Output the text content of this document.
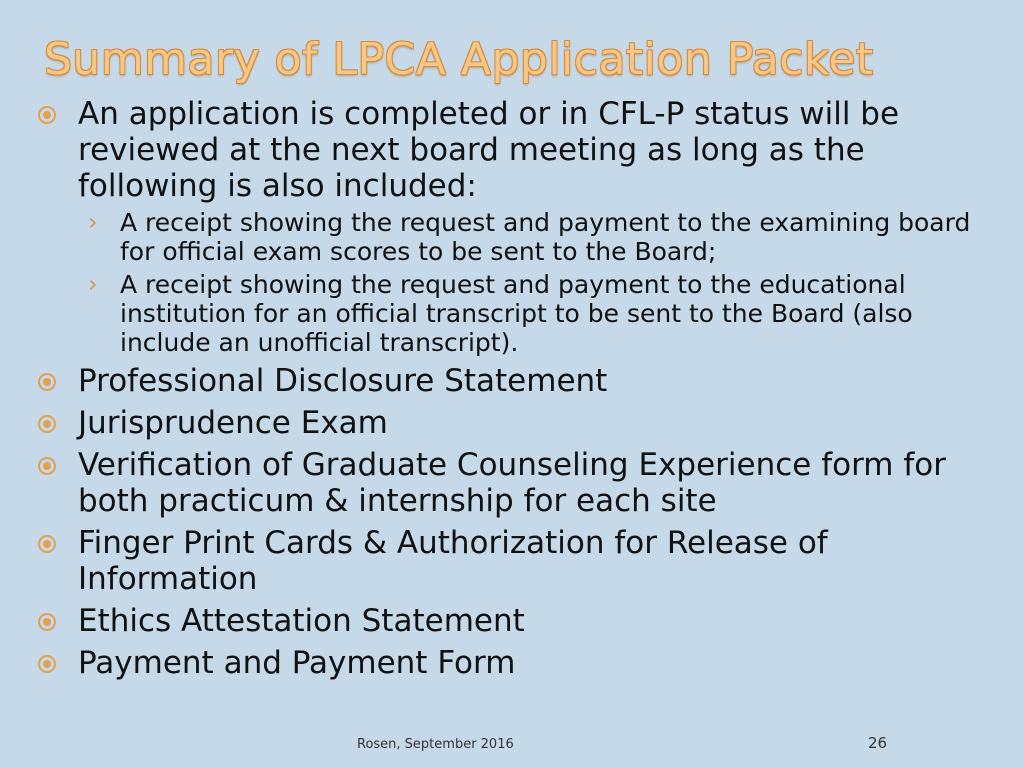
Summary of LPCA Application Packet
An application is completed or in CFL-P status will be reviewed at the next board meeting as long as the following is also included:
› A receipt showing the request and payment to the examining board for official exam scores to be sent to the Board;
› A receipt showing the request and payment to the educational institution for an official transcript to be sent to the Board (also include an unofficial transcript).
Professional Disclosure Statement
Jurisprudence Exam
Verification of Graduate Counseling Experience form for both practicum & internship for each site
Finger Print Cards & Authorization for Release of Information
Ethics Attestation Statement
Payment and Payment Form
Rosen, September 2016	26
